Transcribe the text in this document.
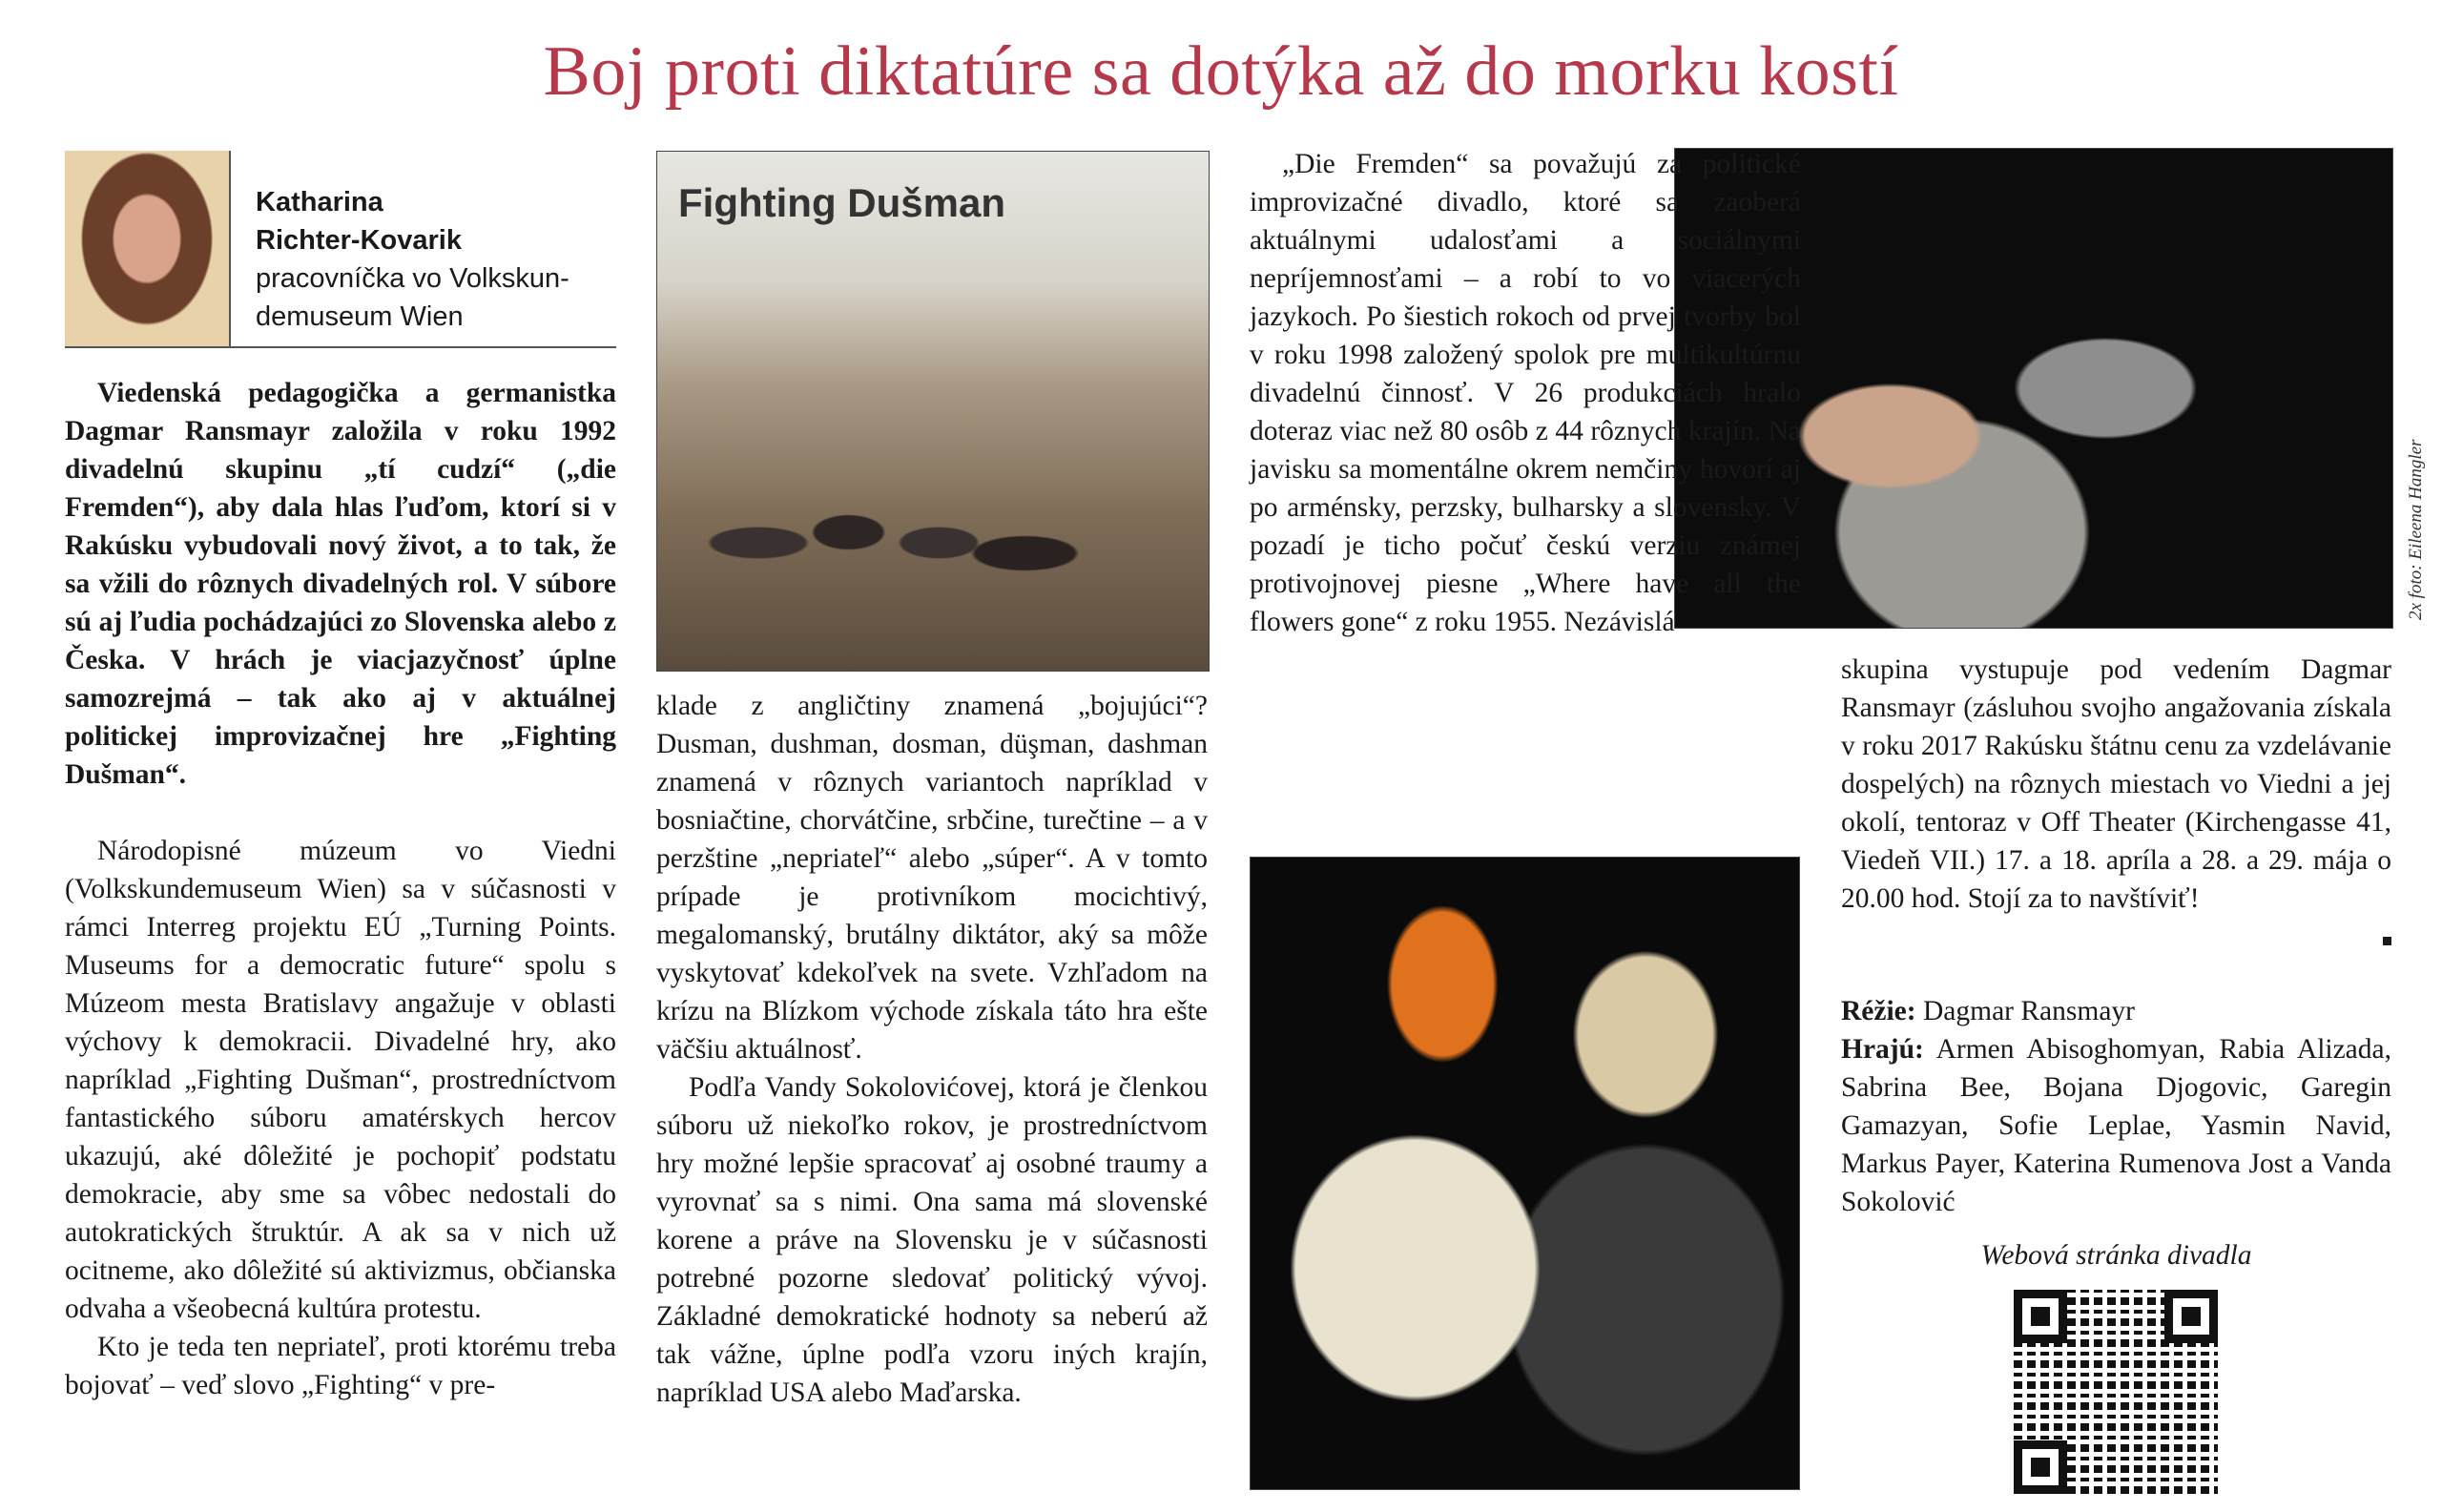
Boj proti diktatúre sa dotýka až do morku kostí
Katharina
Richter-Kovarik
pracovníčka vo Volkskun-
demuseum Wien

Viedenská pedagogička a germanistka Dagmar Ransmayr založila v roku 1992 divadelnú skupinu „tí cudzí“ („die Fremden“), aby dala hlas ľuďom, ktorí si v Rakúsku vybudovali nový život, a to tak, že sa vžili do rôznych divadelných rol. V súbore sú aj ľudia pochádzajúci zo Slovenska alebo z Česka. V hrách je viacjazyčnosť úplne samozrejmá – tak ako aj v aktuálnej politickej improvizačnej hre „Fighting Dušman“.

Národopisné múzeum vo Viedni (Volkskundemuseum Wien) sa v súčasnosti v rámci Interreg projektu EÚ „Turning Points. Museums for a democratic future“ spolu s Múzeom mesta Bratislavy angažuje v oblasti výchovy k demokracii. Divadelné hry, ako napríklad „Fighting Dušman“, prostredníctvom fantastického súboru amatérskych hercov ukazujú, aké dôležité je pochopiť podstatu demokracie, aby sme sa vôbec nedostali do autokratických štruktúr. A ak sa v nich už ocitneme, ako dôležité sú aktivizmus, občianska odvaha a všeobecná kultúra protestu.

Kto je teda ten nepriateľ, proti ktorému treba bojovať – veď slovo „Fighting“ v pre-

Fighting Dušman

klade z angličtiny znamená „bojujúci“? Dusman, dushman, dosman, düşman, dashman znamená v rôznych variantoch napríklad v bosniačtine, chorvátčine, srbčine, turečtine – a v perzštine „nepriateľ“ alebo „súper“. A v tomto prípade je protivníkom mocichtivý, megalomanský, brutálny diktátor, aký sa môže vyskytovať kdekoľvek na svete. Vzhľadom na krízu na Blízkom východe získala táto hra ešte väčšiu aktuálnosť.

Podľa Vandy Sokolovićovej, ktorá je členkou súboru už niekoľko rokov, je prostredníctvom hry možné lepšie spracovať aj osobné traumy a vyrovnať sa s nimi. Ona sama má slovenské korene a práve na Slovensku je v súčasnosti potrebné pozorne sledovať politický vývoj. Základné demokratické hodnoty sa neberú až tak vážne, úplne podľa vzoru iných krajín, napríklad USA alebo Maďarska.

2x foto: Eileena Hangler

„Die Fremden“ sa považujú za politické improvizačné divadlo, ktoré sa zaoberá aktuálnymi udalosťami a sociálnymi nepríjemnosťami – a robí to vo viacerých jazykoch. Po šiestich rokoch od prvej tvorby bol v roku 1998 založený spolok pre multikultúrnu divadelnú činnosť. V 26 produkciách hralo doteraz viac než 80 osôb z 44 rôznych krajín. Na javisku sa momentálne okrem nemčiny hovorí aj po arménsky, perzsky, bulharsky a slovensky. V pozadí je ticho počuť českú verziu známej protivojnovej piesne „Where have all the flowers gone“ z roku 1955. Nezávislá

skupina vystupuje pod vedením Dagmar Ransmayr (zásluhou svojho angažovania získala v roku 2017 Rakúsku štátnu cenu za vzdelávanie dospelých) na rôznych miestach vo Viedni a jej okolí, tentoraz v Off Theater (Kirchengasse 41, Viedeň VII.) 17. a 18. apríla a 28. a 29. mája o 20.00 hod. Stojí za to navštíviť!

Réžie: Dagmar Ransmayr

Hrajú: Armen Abisoghomyan, Rabia Alizada, Sabrina Bee, Bojana Djogovic, Garegin Gamazyan, Sofie Leplae, Yasmin Navid, Markus Payer, Katerina Rumenova Jost a Vanda Sokolović

Webová stránka divadla
